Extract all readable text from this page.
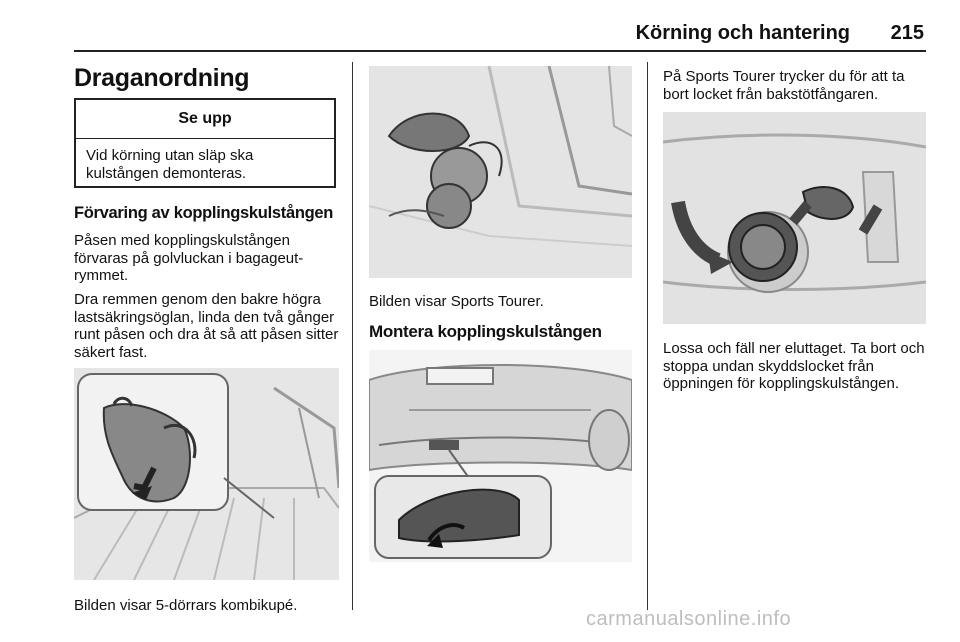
Körning och hantering	215
Draganordning
Se upp
Vid körning utan släp ska kulstången demonteras.
Förvaring av kopplingskulstången
Påsen med kopplingskulstången förvaras på golvluckan i bagageut-rymmet.
Dra remmen genom den bakre högra lastsäkringsöglan, linda den två gånger runt påsen och dra åt så att påsen sitter säkert fast.
Bilden visar 5-dörrars kombikupé.
Bilden visar Sports Tourer.
Montera kopplingskulstången
På Sports Tourer trycker du för att ta bort locket från bakstötfångaren.
Lossa och fäll ner eluttaget. Ta bort och stoppa undan skyddslocket från öppningen för kopplingskulstången.
carmanualsonline.info
